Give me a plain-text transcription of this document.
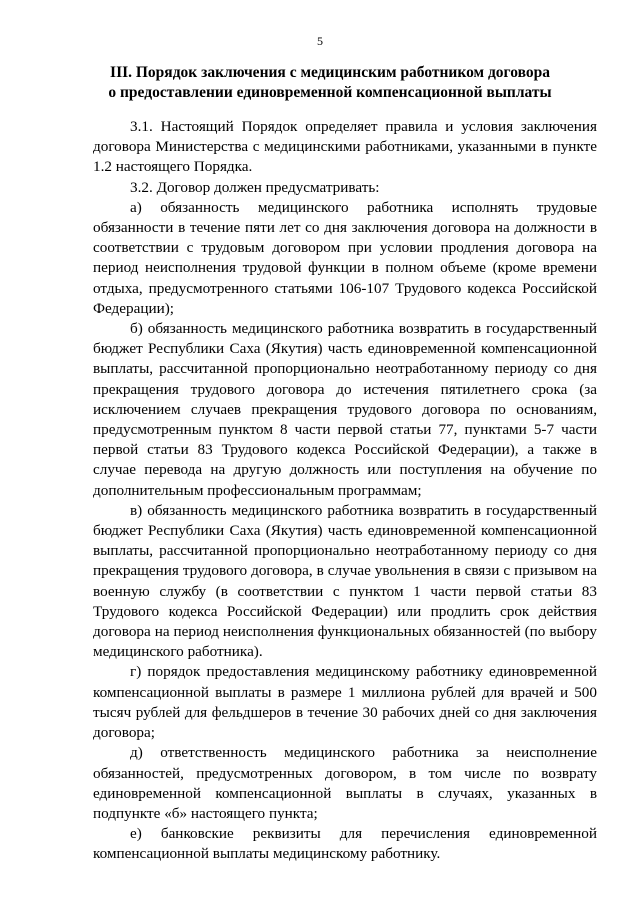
5
III. Порядок заключения с медицинским работником договора
о предоставлении единовременной компенсационной выплаты

3.1. Настоящий Порядок определяет правила и условия заключения договора Министерства с медицинскими работниками, указанными в пункте 1.2 настоящего Порядка.

3.2. Договор должен предусматривать:

а) обязанность медицинского работника исполнять трудовые обязанности в течение пяти лет со дня заключения договора на должности в соответствии с трудовым договором при условии продления договора на период неисполнения трудовой функции в полном объеме (кроме времени отдыха, предусмотренного статьями 106-107 Трудового кодекса Российской Федерации);

б) обязанность медицинского работника возвратить в государственный бюджет Республики Саха (Якутия) часть единовременной компенсационной выплаты, рассчитанной пропорционально неотработанному периоду со дня прекращения трудового договора до истечения пятилетнего срока (за исключением случаев прекращения трудового договора по основаниям, предусмотренным пунктом 8 части первой статьи 77, пунктами 5-7 части первой статьи 83 Трудового кодекса Российской Федерации), а также в случае перевода на другую должность или поступления на обучение по дополнительным профессиональным программам;

в) обязанность медицинского работника возвратить в государственный бюджет Республики Саха (Якутия) часть единовременной компенсационной выплаты, рассчитанной пропорционально неотработанному периоду со дня прекращения трудового договора, в случае увольнения в связи с призывом на военную службу (в соответствии с пунктом 1 части первой статьи 83 Трудового кодекса Российской Федерации) или продлить срок действия договора на период неисполнения функциональных обязанностей (по выбору медицинского работника).

г) порядок предоставления медицинскому работнику единовременной компенсационной выплаты в размере 1 миллиона рублей для врачей и 500 тысяч рублей для фельдшеров в течение 30 рабочих дней со дня заключения договора;

д) ответственность медицинского работника за неисполнение обязанностей, предусмотренных договором, в том числе по возврату единовременной компенсационной выплаты в случаях, указанных в подпункте «б» настоящего пункта;

е) банковские реквизиты для перечисления единовременной компенсационной выплаты медицинскому работнику.
